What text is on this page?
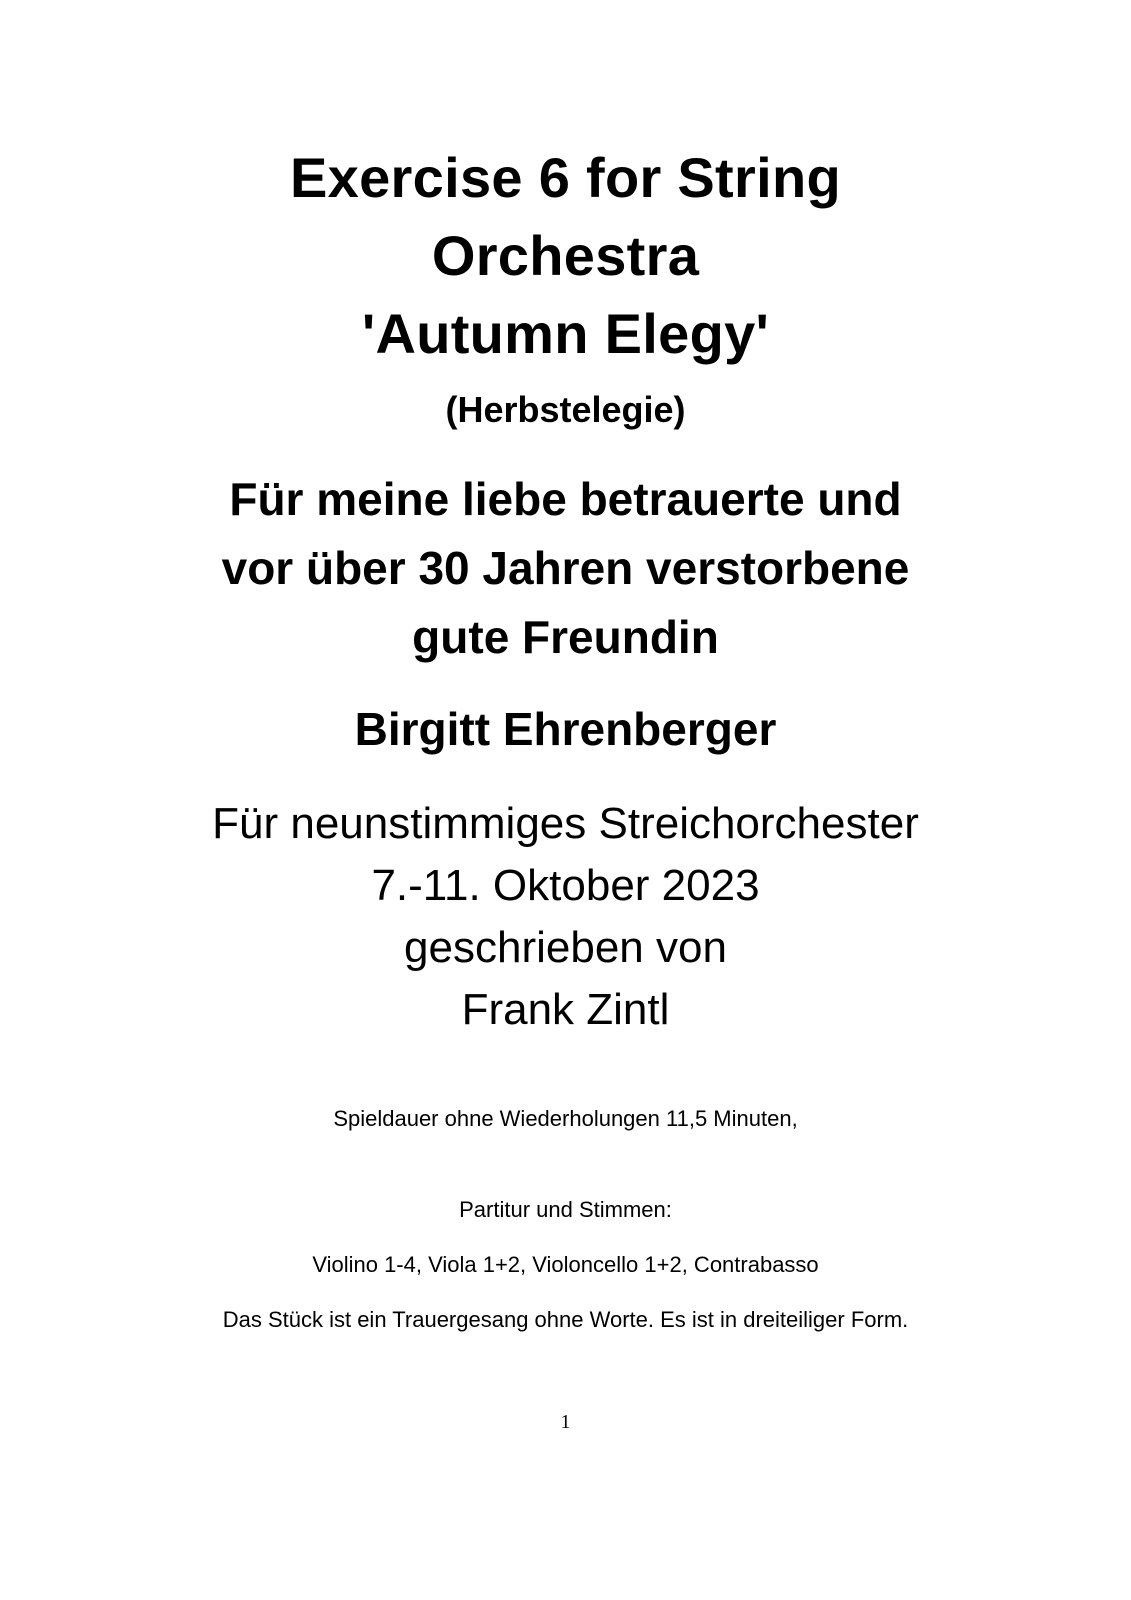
Exercise 6 for String
Orchestra
'Autumn Elegy'
(Herbstelegie)
Für meine liebe betrauerte und
vor über 30 Jahren verstorbene
gute Freundin
Birgitt Ehrenberger
Für neunstimmiges Streichorchester
7.-11. Oktober 2023
geschrieben von
Frank Zintl
Spieldauer ohne Wiederholungen 11,5 Minuten,
Partitur und Stimmen:
Violino 1-4, Viola 1+2, Violoncello 1+2, Contrabasso
Das Stück ist ein Trauergesang ohne Worte. Es ist in dreiteiliger Form.
1
